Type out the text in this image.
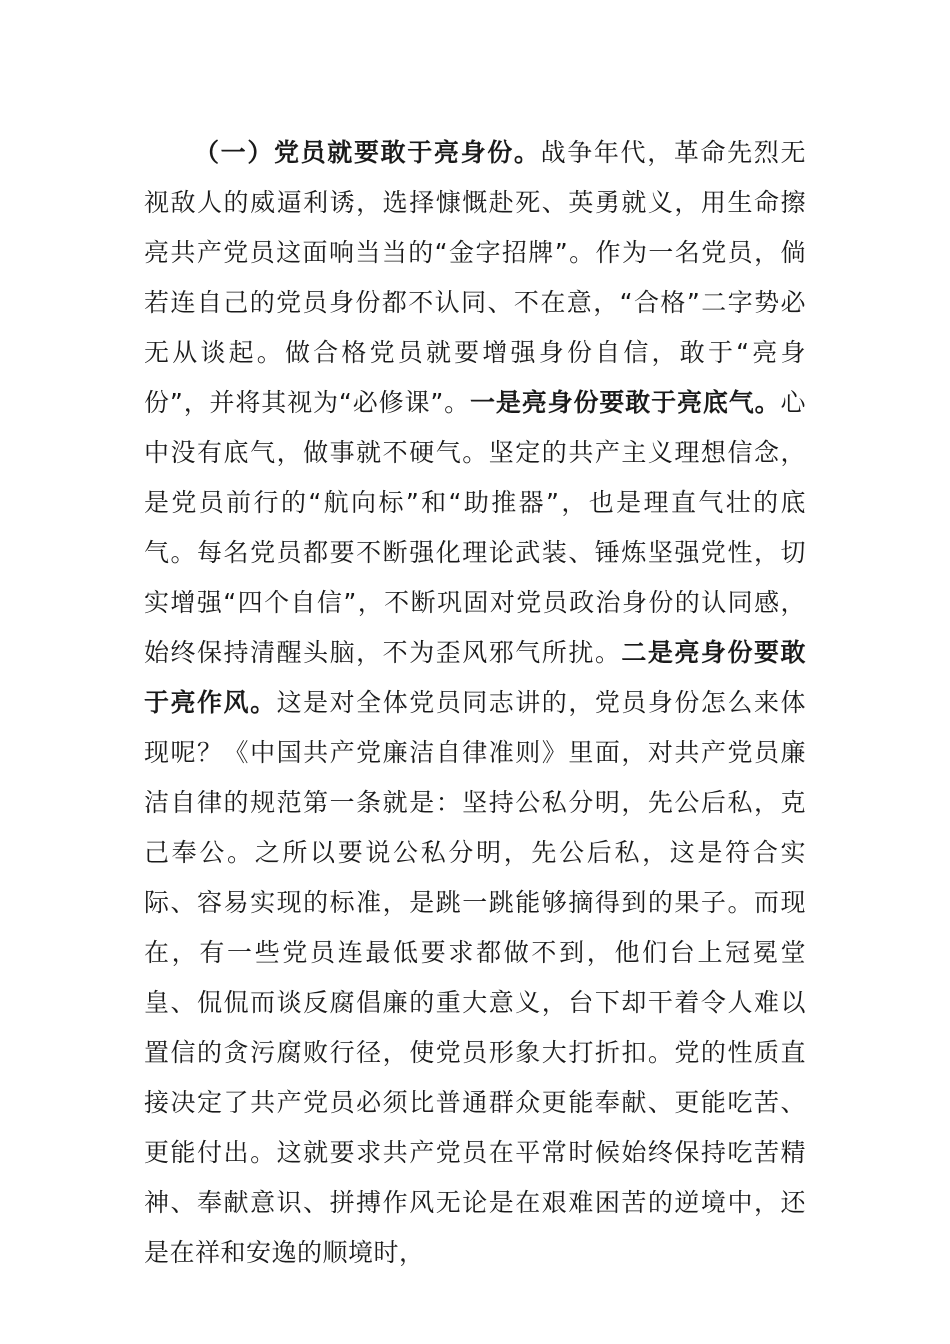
（一）党员就要敢于亮身份。战争年代，革命先烈无视敌人的威逼利诱，选择慷慨赴死、英勇就义，用生命擦亮共产党员这面响当当的“金字招牌”。作为一名党员，倘若连自己的党员身份都不认同、不在意，“合格”二字势必无从谈起。做合格党员就要增强身份自信，敢于“亮身份”，并将其视为“必修课”。一是亮身份要敢于亮底气。心中没有底气，做事就不硬气。坚定的共产主义理想信念，是党员前行的“航向标”和“助推器”，也是理直气壮的底气。每名党员都要不断强化理论武装、锤炼坚强党性，切实增强“四个自信”，不断巩固对党员政治身份的认同感，始终保持清醒头脑，不为歪风邪气所扰。二是亮身份要敢于亮作风。这是对全体党员同志讲的，党员身份怎么来体现呢？《中国共产党廉洁自律准则》里面，对共产党员廉洁自律的规范第一条就是：坚持公私分明，先公后私，克己奉公。之所以要说公私分明，先公后私，这是符合实际、容易实现的标准，是跳一跳能够摘得到的果子。而现在，有一些党员连最低要求都做不到，他们台上冠冕堂皇、侃侃而谈反腐倡廉的重大意义，台下却干着令人难以置信的贪污腐败行径，使党员形象大打折扣。党的性质直接决定了共产党员必须比普通群众更能奉献、更能吃苦、更能付出。这就要求共产党员在平常时候始终保持吃苦精神、奉献意识、拼搏作风无论是在艰难困苦的逆境中，还是在祥和安逸的顺境时，
